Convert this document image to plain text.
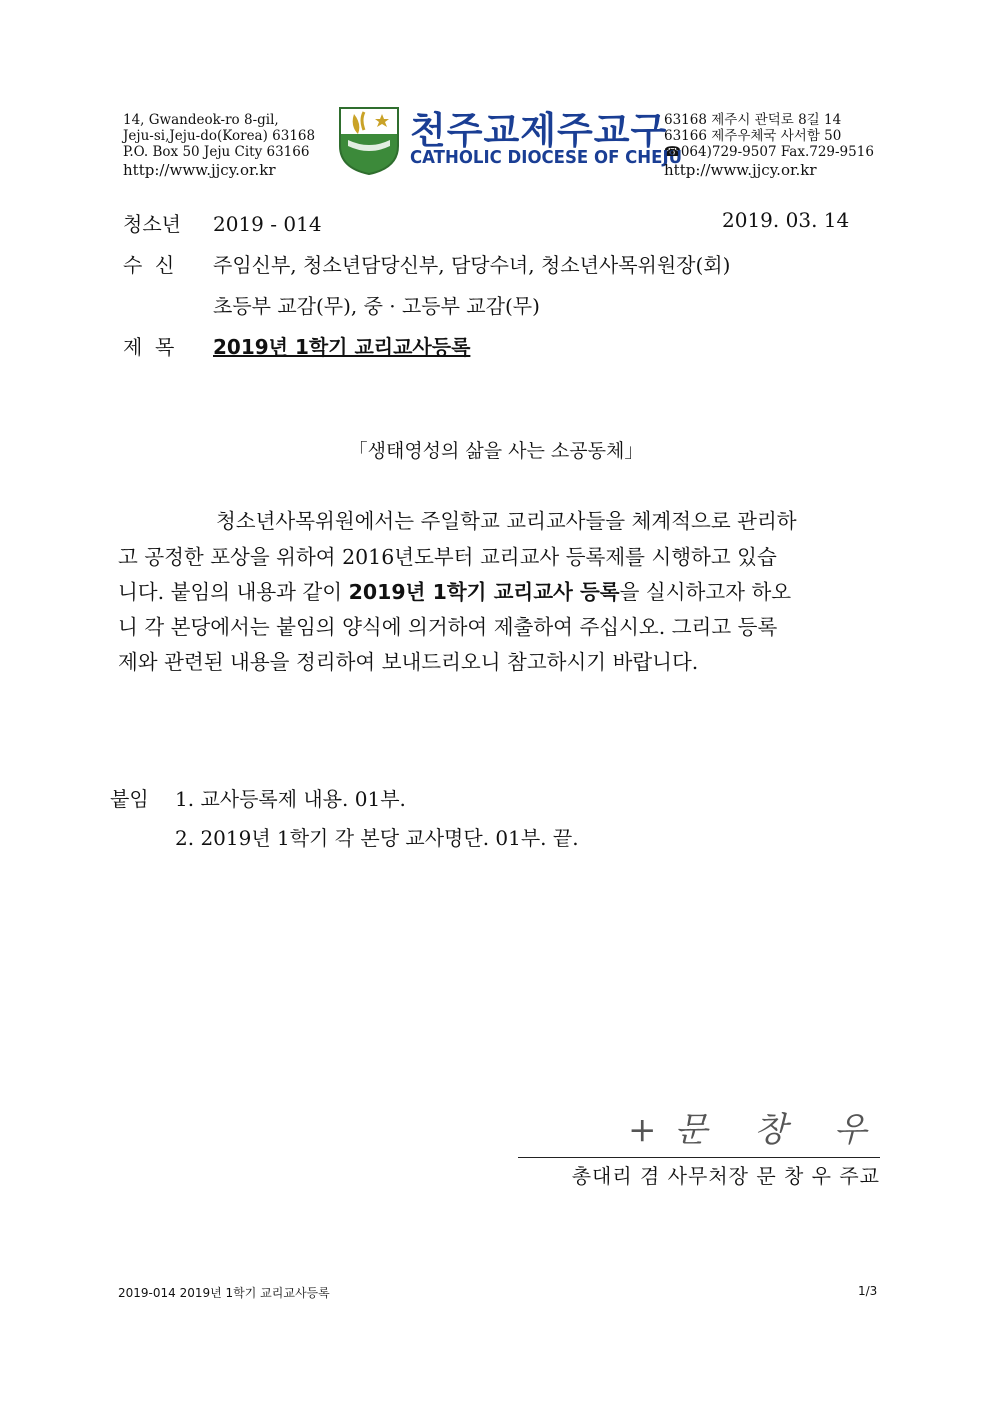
14, Gwandeok-ro 8-gil,
Jeju-si,Jeju-do(Korea) 63168
P.O. Box 50 Jeju City 63166
http://www.jjcy.or.kr
천주교제주교구
CATHOLIC DIOCESE OF CHEJU
63168 제주시 관덕로 8길 14
63166 제주우체국 사서함 50
☎064)729-9507 Fax.729-9516
http://www.jjcy.or.kr
청소년 2019 - 014	2019. 03. 14
수  신 주임신부, 청소년담당신부, 담당수녀, 청소년사목위원장(회)
초등부 교감(무), 중 · 고등부 교감(무)
제  목 2019년 1학기 교리교사등록
「생태영성의 삶을 사는 소공동체」
청소년사목위원에서는 주일학교 교리교사들을 체계적으로 관리하
고 공정한 포상을 위하여 2016년도부터 교리교사 등록제를 시행하고 있습
니다. 붙임의 내용과 같이 2019년 1학기 교리교사 등록을 실시하고자 하오
니 각 본당에서는 붙임의 양식에 의거하여 제출하여 주십시오. 그리고 등록
제와 관련된 내용을 정리하여 보내드리오니 참고하시기 바랍니다.
붙임 1. 교사등록제 내용. 01부.
2. 2019년 1학기 각 본당 교사명단. 01부. 끝.
+문 창 우
총대리 겸 사무처장 문 창 우 주교
2019-014 2019년 1학기 교리교사등록	1/3
